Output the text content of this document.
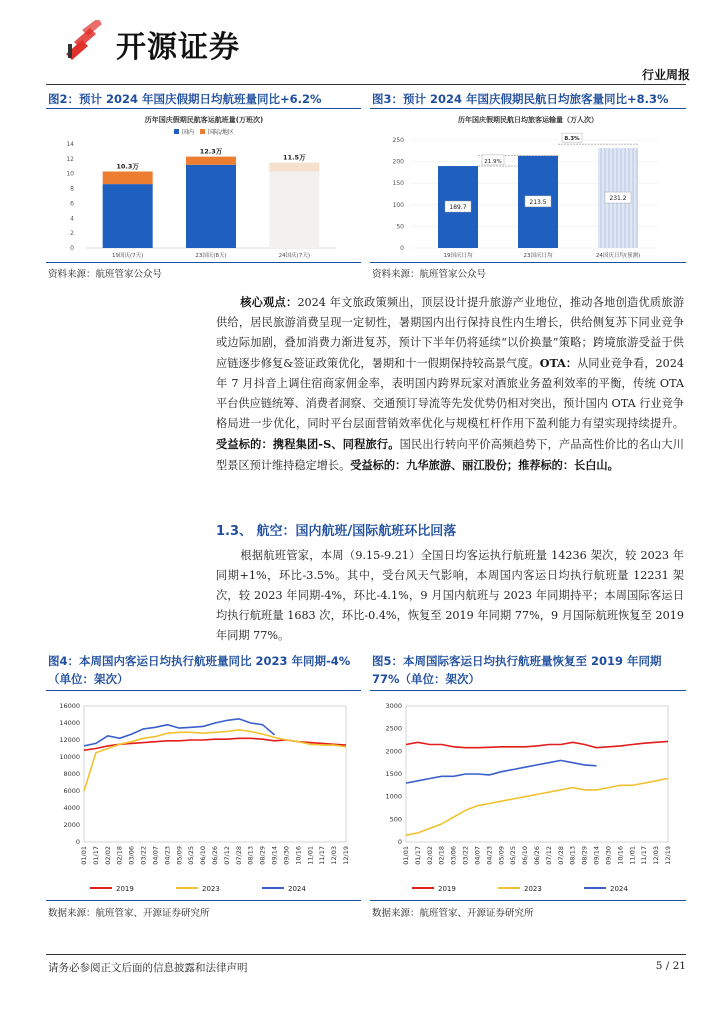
开源证券
行业周报
图2：预计 2024 年国庆假期日均航班量同比+6.2%
历年国庆假期民航客运航班量(万班次)
国内 国际/地区
0
2
4
6
8
10
12
14
10.3万
19国庆(7天)
12.3万
23国庆(8天)
11.5万
24国庆(7天)
资料来源：航班管家公众号
图3：预计 2024 年国庆假期民航日均旅客量同比+8.3%
历年国庆假期民航日均旅客运输量（万人次）
0
50
100
150
200
250
189.7
19国庆日均
213.5
23国庆日均
231.2
24国庆日均(预测)
21.9%
8.3%
资料来源：航班管家公众号
核心观点：2024 年文旅政策频出，顶层设计提升旅游产业地位，推动各地创造优质旅游供给，居民旅游消费呈现一定韧性，暑期国内出行保持良性内生增长，供给侧复苏下同业竞争或边际加剧，叠加消费力渐进复苏，预计下半年仍将延续“以价换量”策略；跨境旅游受益于供应链逐步修复&签证政策优化，暑期和十一假期保持较高景气度。OTA：从同业竞争看，2024 年 7 月抖音上调住宿商家佣金率，表明国内跨界玩家对酒旅业务盈利效率的平衡，传统 OTA 平台供应链统筹、消费者洞察、交通预订导流等先发优势仍相对突出，预计国内 OTA 行业竞争格局进一步优化，同时平台层面营销效率优化与规模杠杆作用下盈利能力有望实现持续提升。受益标的：携程集团-S、同程旅行。国民出行转向平价高频趋势下，产品高性价比的名山大川型景区预计维持稳定增长。受益标的：九华旅游、丽江股份；推荐标的：长白山。
1.3、 航空：国内航班/国际航班环比回落
根据航班管家，本周（9.15-9.21）全国日均客运执行航班量 14236 架次，较 2023 年同期+1%，环比-3.5%。其中，受台风天气影响，本周国内客运日均执行航班量 12231 架次，较 2023 年同期-4%，环比-4.1%，9 月国内航班与 2023 年同期持平；本周国际客运日均执行航班量 1683 次，环比-0.4%，恢复至 2019 年同期 77%，9 月国际航班恢复至 2019 年同期 77%。
图4：本周国内客运日均执行航班量同比 2023 年同期-4%（单位：架次）
0
2000
4000
6000
8000
10000
12000
14000
16000
01/01 01/17 02/02 02/18 03/06 03/22 04/07 04/23 05/09 05/25 06/10 06/26 07/12 07/28 08/13 08/29 09/14 09/30 10/16 11/01 11/17 12/03 12/19
2019	2023	2024
数据来源：航班管家、开源证券研究所
图5：本周国际客运日均执行航班量恢复至 2019 年同期77%（单位：架次）
0
500
1000
1500
2000
2500
3000
01/01 01/17 02/02 02/18 03/06 03/22 04/07 04/23 05/09 05/25 06/10 06/26 07/12 07/28 08/13 08/29 09/14 09/30 10/16 11/01 11/17 12/03 12/19
2019	2023	2024
数据来源：航班管家、开源证券研究所
请务必参阅正文后面的信息披露和法律声明	5 / 21
